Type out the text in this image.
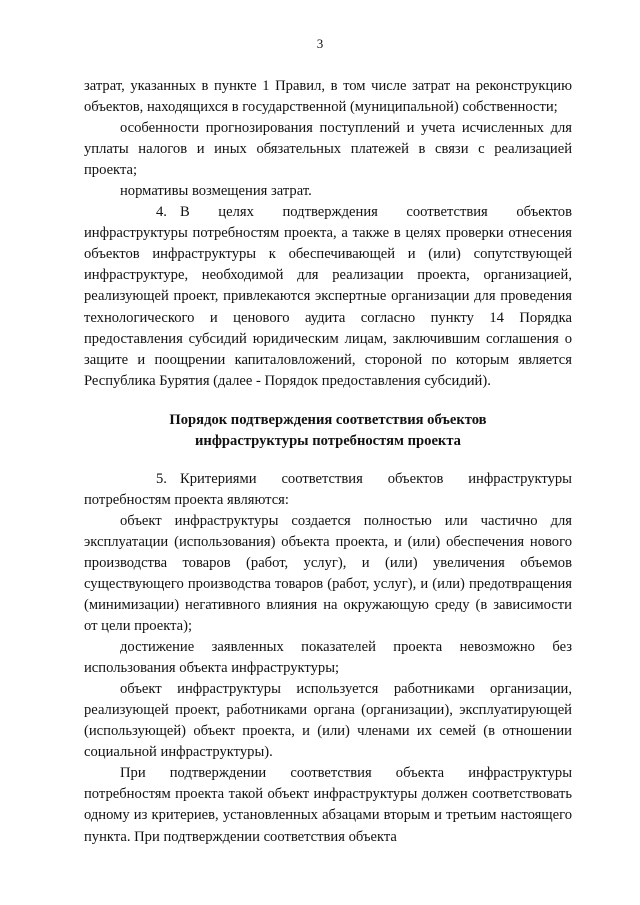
3

затрат, указанных в пункте 1 Правил, в том числе затрат на реконструкцию объектов, находящихся в государственной (муниципальной) собственности;

особенности прогнозирования поступлений и учета исчисленных для уплаты налогов и иных обязательных платежей в связи с реализацией проекта;

нормативы возмещения затрат.

4. В целях подтверждения соответствия объектов инфраструктуры потребностям проекта, а также в целях проверки отнесения объектов инфраструктуры к обеспечивающей и (или) сопутствующей инфраструктуре, необходимой для реализации проекта, организацией, реализующей проект, привлекаются экспертные организации для проведения технологического и ценового аудита согласно пункту 14 Порядка предоставления субсидий юридическим лицам, заключившим соглашения о защите и поощрении капиталовложений, стороной по которым является Республика Бурятия (далее - Порядок предоставления субсидий).

Порядок подтверждения соответствия объектов
инфраструктуры потребностям проекта

5. Критериями соответствия объектов инфраструктуры потребностям проекта являются:

объект инфраструктуры создается полностью или частично для эксплуатации (использования) объекта проекта, и (или) обеспечения нового производства товаров (работ, услуг), и (или) увеличения объемов существующего производства товаров (работ, услуг), и (или) предотвращения (минимизации) негативного влияния на окружающую среду (в зависимости от цели проекта);

достижение заявленных показателей проекта невозможно без использования объекта инфраструктуры;

объект инфраструктуры используется работниками организации, реализующей проект, работниками органа (организации), эксплуатирующей (использующей) объект проекта, и (или) членами их семей (в отношении социальной инфраструктуры).

При подтверждении соответствия объекта инфраструктуры потребностям проекта такой объект инфраструктуры должен соответствовать одному из критериев, установленных абзацами вторым и третьим настоящего пункта. При подтверждении соответствия объекта
